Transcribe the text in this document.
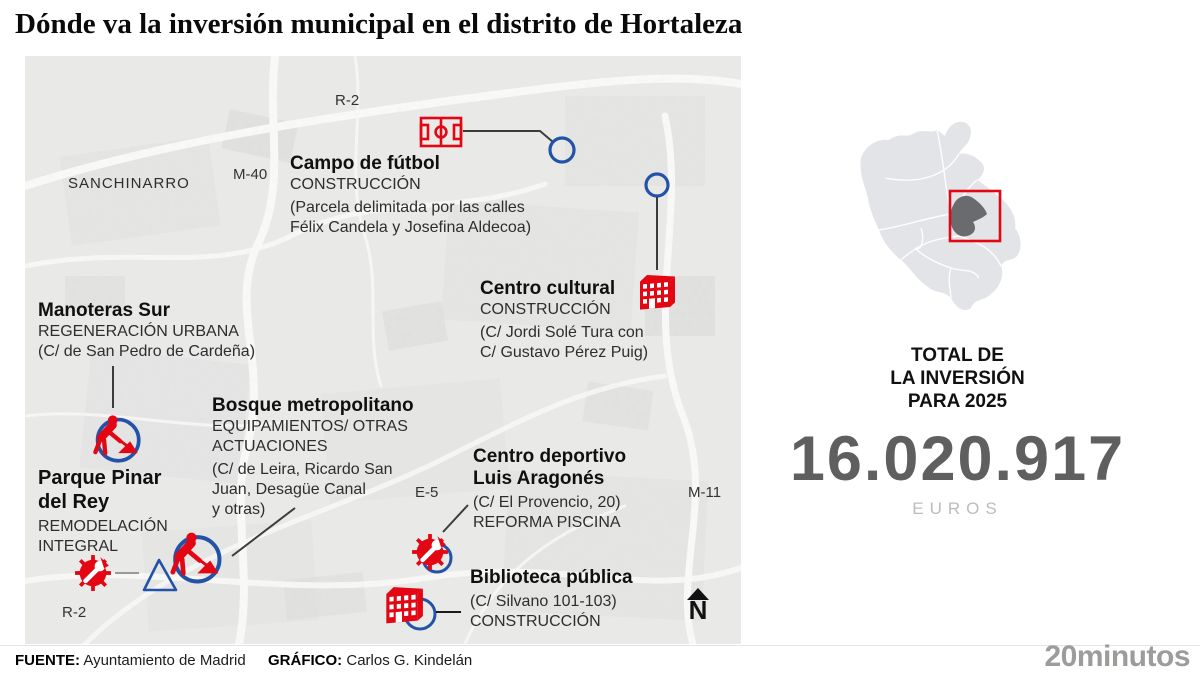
Dónde va la inversión municipal en el distrito de Hortaleza
R-2
SANCHINARRO
M-40
E-5	M-11
R-2
Campo de fútbol
CONSTRUCCIÓN
(Parcela delimitada por las calles
Félix Candela y Josefina Aldecoa)
Centro cultural
CONSTRUCCIÓN
(C/ Jordi Solé Tura con
C/ Gustavo Pérez Puig)
Manoteras Sur
REGENERACIÓN URBANA
(C/ de San Pedro de Cardeña)
Bosque metropolitano
EQUIPAMIENTOS/ OTRAS
ACTUACIONES
(C/ de Leira, Ricardo San
Juan, Desagüe Canal
y otras)
Parque Pinar
del Rey
REMODELACIÓN
INTEGRAL
Centro deportivo
Luis Aragonés
(C/ El Provencio, 20)
REFORMA PISCINA
Biblioteca pública
(C/ Silvano 101-103)
CONSTRUCCIÓN	N
TOTAL DE
LA INVERSIÓN
PARA 2025
16.020.917
EUROS
FUENTE: Ayuntamiento de Madrid GRÁFICO: Carlos G. Kindelán	20minutos
